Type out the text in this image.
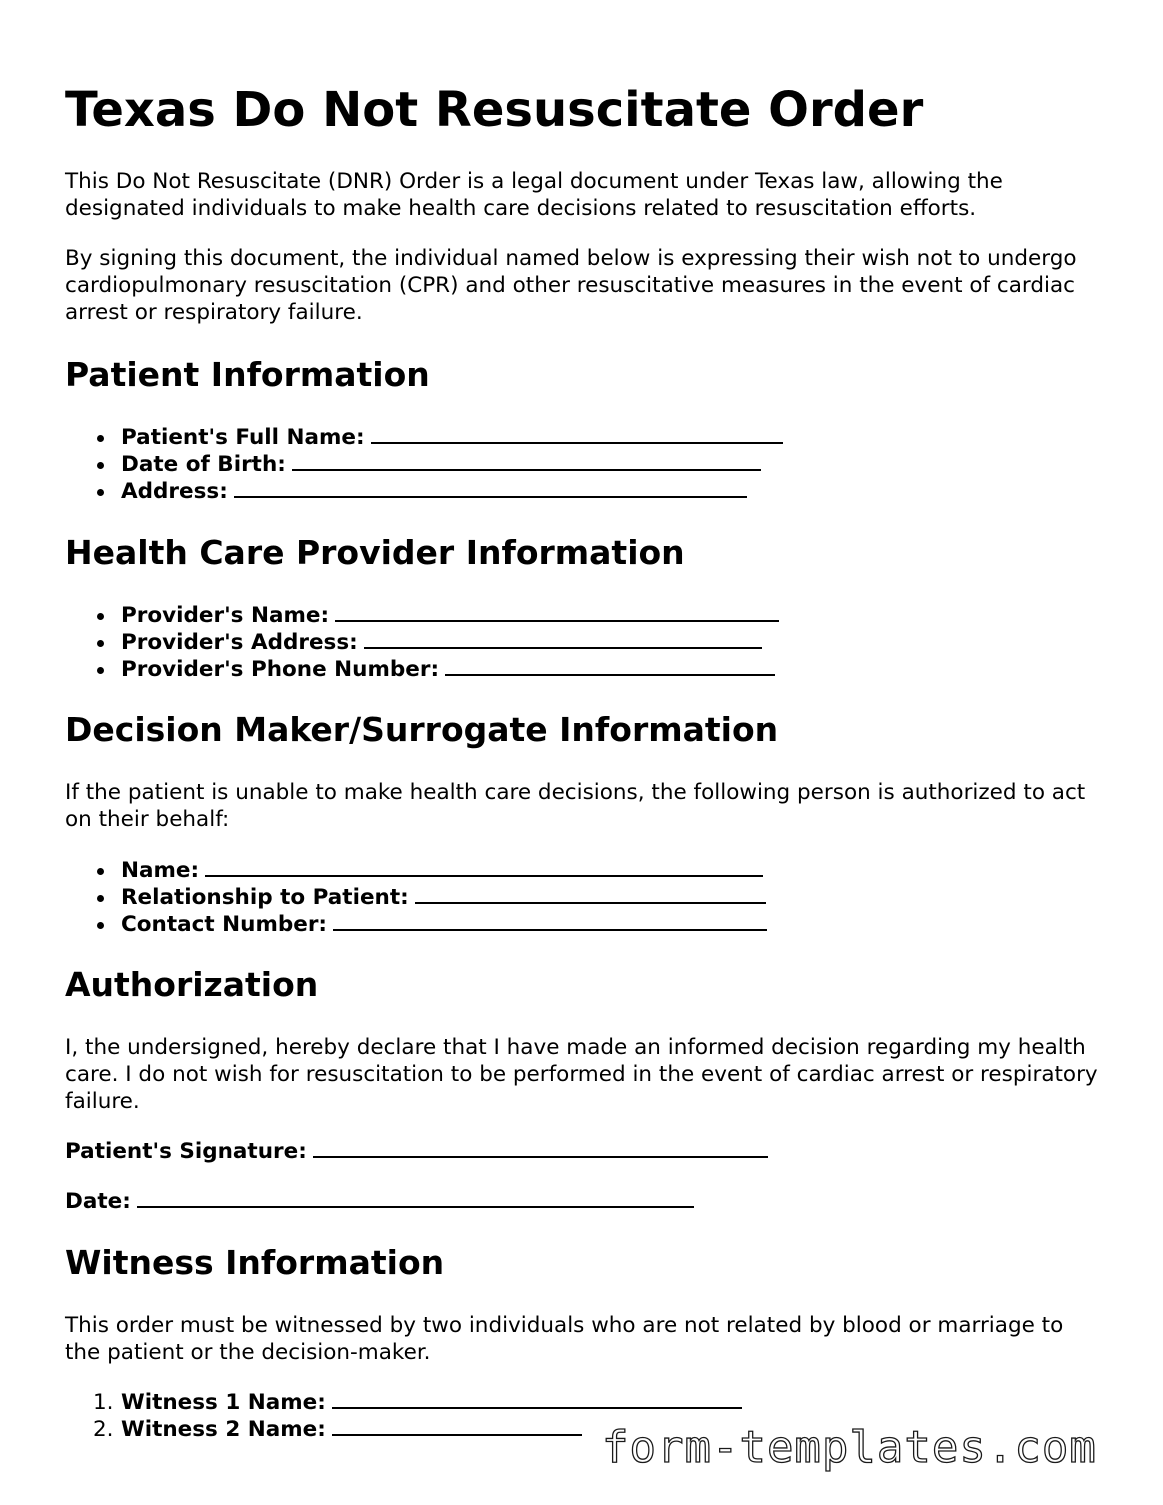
Texas Do Not Resuscitate Order

This Do Not Resuscitate (DNR) Order is a legal document under Texas law, allowing the designated individuals to make health care decisions related to resuscitation efforts.

By signing this document, the individual named below is expressing their wish not to undergo cardiopulmonary resuscitation (CPR) and other resuscitative measures in the event of cardiac arrest or respiratory failure.

Patient Information
Patient's Full Name:
Date of Birth:
Address:
Health Care Provider Information
Provider's Name:
Provider's Address:
Provider's Phone Number:
Decision Maker/Surrogate Information

If the patient is unable to make health care decisions, the following person is authorized to act on their behalf:

Name:
Relationship to Patient:
Contact Number:
Authorization

I, the undersigned, hereby declare that I have made an informed decision regarding my health care. I do not wish for resuscitation to be performed in the event of cardiac arrest or respiratory failure.

Patient's Signature:
Date:
Witness Information

This order must be witnessed by two individuals who are not related by blood or marriage to the patient or the decision-maker.

1. Witness 1 Name:
2. Witness 2 Name:	form-templates.com
